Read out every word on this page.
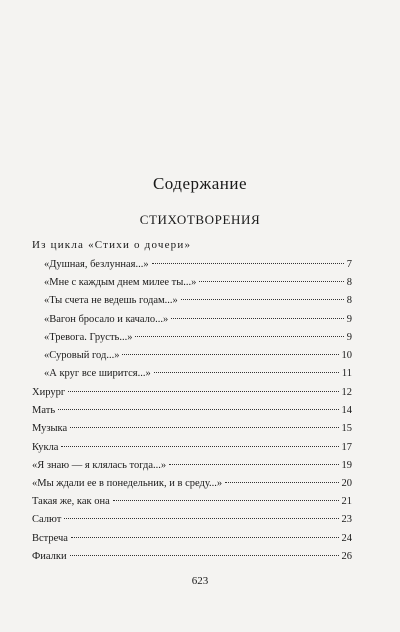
Содержание
СТИХОТВОРЕНИЯ
Из цикла «Стихи о дочери»
«Душная, безлунная...»	7
«Мне с каждым днем милее ты...»	8
«Ты счета не ведешь годам...»	8
«Вагон бросало и качало...»	9
«Тревога. Грусть...»	9
«Суровый год...»	10
«А круг все ширится...»	11
Хирург	12
Мать	14
Музыка	15
Кукла	17
«Я знаю — я клялась тогда...»	19
«Мы ждали ее в понедельник, и в среду...»	20
Такая же, как она	21
Салют	23
Встреча	24
Фиалки	26
623
